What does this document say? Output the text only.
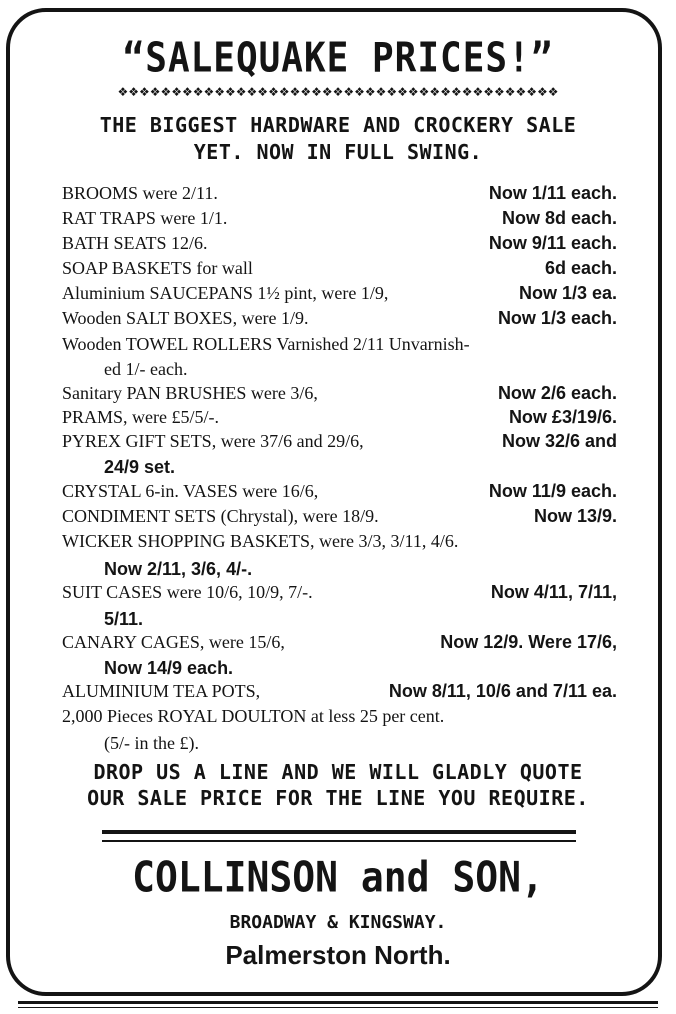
“SALEQUAKE PRICES!”
❖❖❖❖❖❖❖❖❖❖❖❖❖❖❖❖❖❖❖❖❖❖❖❖❖❖❖❖❖❖❖❖❖❖❖❖❖❖❖❖❖
THE BIGGEST HARDWARE AND CROCKERY SALE
YET. NOW IN FULL SWING.
BROOMS were 2/11.	Now 1/11 each.
RAT TRAPS were 1/1.	Now 8d each.
BATH SEATS 12/6.	Now 9/11 each.
SOAP BASKETS for wall	6d each.
Aluminium SAUCEPANS 1½ pint, were 1/9,	Now 1/3 ea.
Wooden SALT BOXES, were 1/9.	Now 1/3 each.
Wooden TOWEL ROLLERS Varnished 2/11 Unvarnish-
ed 1/- each.
Sanitary PAN BRUSHES were 3/6,	Now 2/6 each.
PRAMS, were £5/5/-.	Now £3/19/6.
PYREX GIFT SETS, were 37/6 and 29/6,	Now 32/6 and
24/9 set.
CRYSTAL 6-in. VASES were 16/6,	Now 11/9 each.
CONDIMENT SETS (Chrystal), were 18/9.	Now 13/9.
WICKER SHOPPING BASKETS, were 3/3, 3/11, 4/6.
Now 2/11, 3/6, 4/-.
SUIT CASES were 10/6, 10/9, 7/-.	Now 4/11, 7/11,
5/11.
CANARY CAGES, were 15/6,	Now 12/9. Were 17/6,
Now 14/9 each.
ALUMINIUM TEA POTS,	Now 8/11, 10/6 and 7/11 ea.
2,000 Pieces ROYAL DOULTON at less 25 per cent.
(5/- in the £).
DROP US A LINE AND WE WILL GLADLY QUOTE
OUR SALE PRICE FOR THE LINE YOU REQUIRE.
COLLINSON and SON,
BROADWAY & KINGSWAY.
Palmerston North.
